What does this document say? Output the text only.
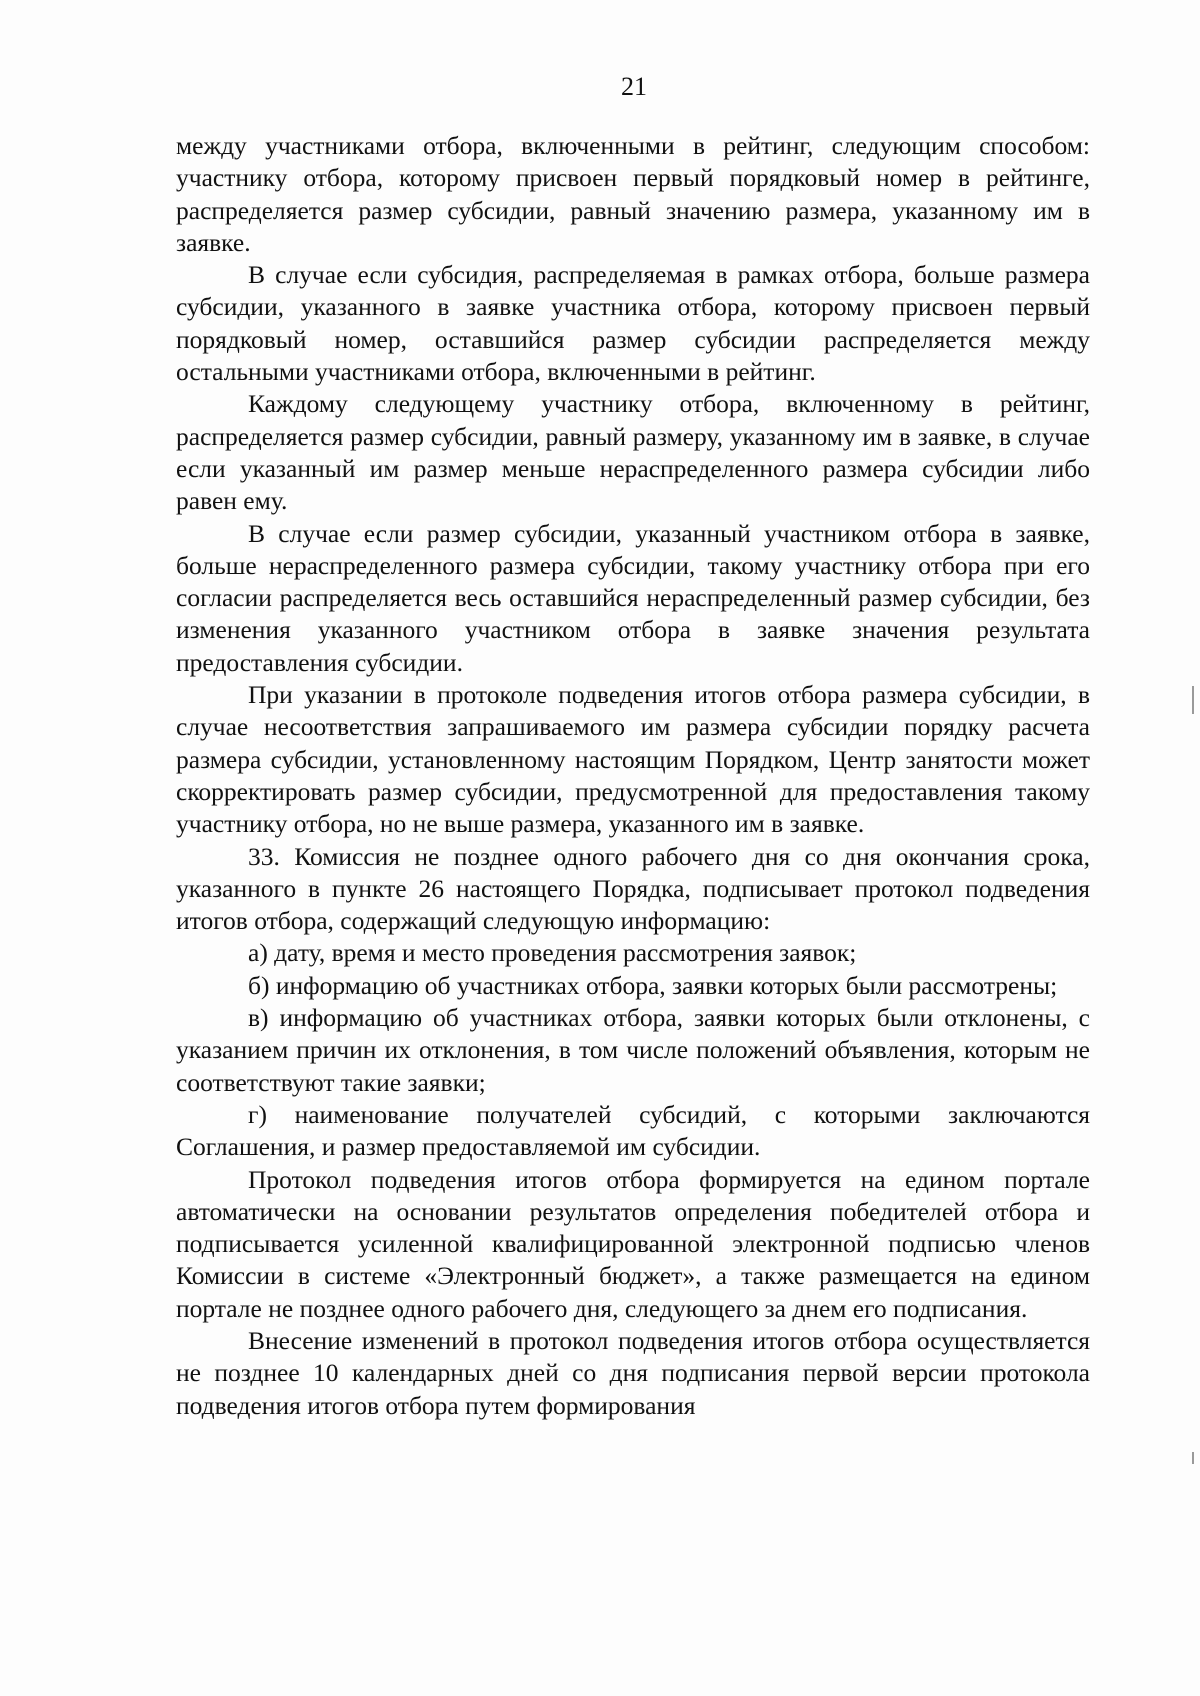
21

между участниками отбора, включенными в рейтинг, следующим способом: участнику отбора, которому присвоен первый порядковый номер в рейтинге, распределяется размер субсидии, равный значению размера, указанному им в заявке.

В случае если субсидия, распределяемая в рамках отбора, больше размера субсидии, указанного в заявке участника отбора, которому присвоен первый порядковый номер, оставшийся размер субсидии распределяется между остальными участниками отбора, включенными в рейтинг.

Каждому следующему участнику отбора, включенному в рейтинг, распределяется размер субсидии, равный размеру, указанному им в заявке, в случае если указанный им размер меньше нераспределенного размера субсидии либо равен ему.

В случае если размер субсидии, указанный участником отбора в заявке, больше нераспределенного размера субсидии, такому участнику отбора при его согласии распределяется весь оставшийся нераспределенный размер субсидии, без изменения указанного участником отбора в заявке значения результата предоставления субсидии.

При указании в протоколе подведения итогов отбора размера субсидии, в случае несоответствия запрашиваемого им размера субсидии порядку расчета размера субсидии, установленному настоящим Порядком, Центр занятости может скорректировать размер субсидии, предусмотренной для предоставления такому участнику отбора, но не выше размера, указанного им в заявке.

33. Комиссия не позднее одного рабочего дня со дня окончания срока, указанного в пункте 26 настоящего Порядка, подписывает протокол подведения итогов отбора, содержащий следующую информацию:

а) дату, время и место проведения рассмотрения заявок;

б) информацию об участниках отбора, заявки которых были рассмотрены;

в) информацию об участниках отбора, заявки которых были отклонены, с указанием причин их отклонения, в том числе положений объявления, которым не соответствуют такие заявки;

г) наименование получателей субсидий, с которыми заключаются Соглашения, и размер предоставляемой им субсидии.

Протокол подведения итогов отбора формируется на едином портале автоматически на основании результатов определения победителей отбора и подписывается усиленной квалифицированной электронной подписью членов Комиссии в системе «Электронный бюджет», а также размещается на едином портале не позднее одного рабочего дня, следующего за днем его подписания.

Внесение изменений в протокол подведения итогов отбора осуществляется не позднее 10 календарных дней со дня подписания первой версии протокола подведения итогов отбора путем формирования
